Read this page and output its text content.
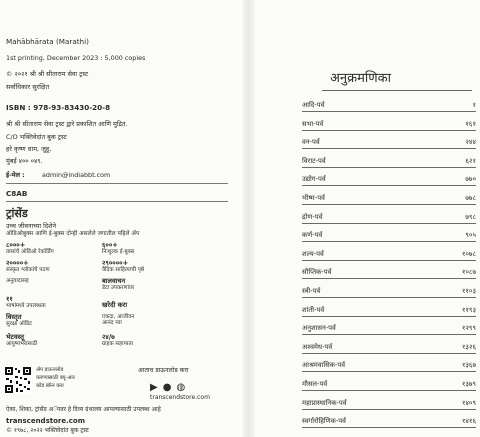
Mahābhārata (Marathi)
1st printing, December 2023 : 5,000 copies
© २०२१ श्री श्री सीताराम सेवा ट्रस्ट
सर्वाधिकार सुरक्षित
ISBN : 978-93-83430-20-8
श्री श्री सीताराम सेवा ट्रस्ट द्वारे प्रकाशित आणि मुद्रित.
C/O भक्तिवेदांत बुक ट्रस्ट
हरे कृष्ण धाम, जुहू,
मुंबई ४०० ०४९.
ई-मेल :	admin@indiabbt.com
C8AB
ट्रांसेंड
उच्च जीवनाच्या दिशेने
ऑडिओबुक्स आणि ई-बुक्स दोन्ही असलेले जगातील पहिले ॲप
८०००+
तासांचे ऑडिओ रेकॉर्डिंग
६००+
निःशुल्क ई-बुक्स
२००००+
संस्कृत श्लोकांचे पठण
२९००००+
वैदिक साहित्याची पृष्ठे
अनुवादासह	बालवाचन
डेटा उपकरणांवर
११
भाषांमध्ये उपलब्धता	खरेदी करा
विस्तृत
सुरक्षा ऑडिट
एकदा, आजीवन
आनंद घ्या
भेटवस्तू
आयुष्यभरासाठी
२४/७
ग्राहक सहाय्यता
ॲप डाऊनलोड
करण्यासाठी क्यू-आर
कोड स्कॅन करा
आताच डाऊनलोड करा
▶●◍
transcendstore.com
ऐका, शिका, ट्रांसेंड अॅपवर हे दिव्य ग्रंथालय आपल्यासाठी उपलब्ध आहे
transcendstore.com
© १९७८, २०२२ भक्तिवेदांत बुक ट्रस्ट
अनुक्रमणिका
आदि-पर्व	१
सभा-पर्व	१६१
वन-पर्व	२४४
विराट-पर्व	६२१
उद्योग-पर्व	७७०
भीष्म-पर्व	७७८
द्रोण-पर्व	७९८
कर्ण-पर्व	९०५
शल्य-पर्व	१०७८
सौप्तिक-पर्व	१०८७
स्त्री-पर्व	११०३
शांती-पर्व	११९३
अनुशासन-पर्व	१२९९
अश्वमेध-पर्व	१३२६
आश्रमवासिक-पर्व	१३६७
मौसल-पर्व	१३७९
महाप्रास्थानिक-पर्व	१४०९
स्वर्गारोहिणिक-पर्व	१४१६
